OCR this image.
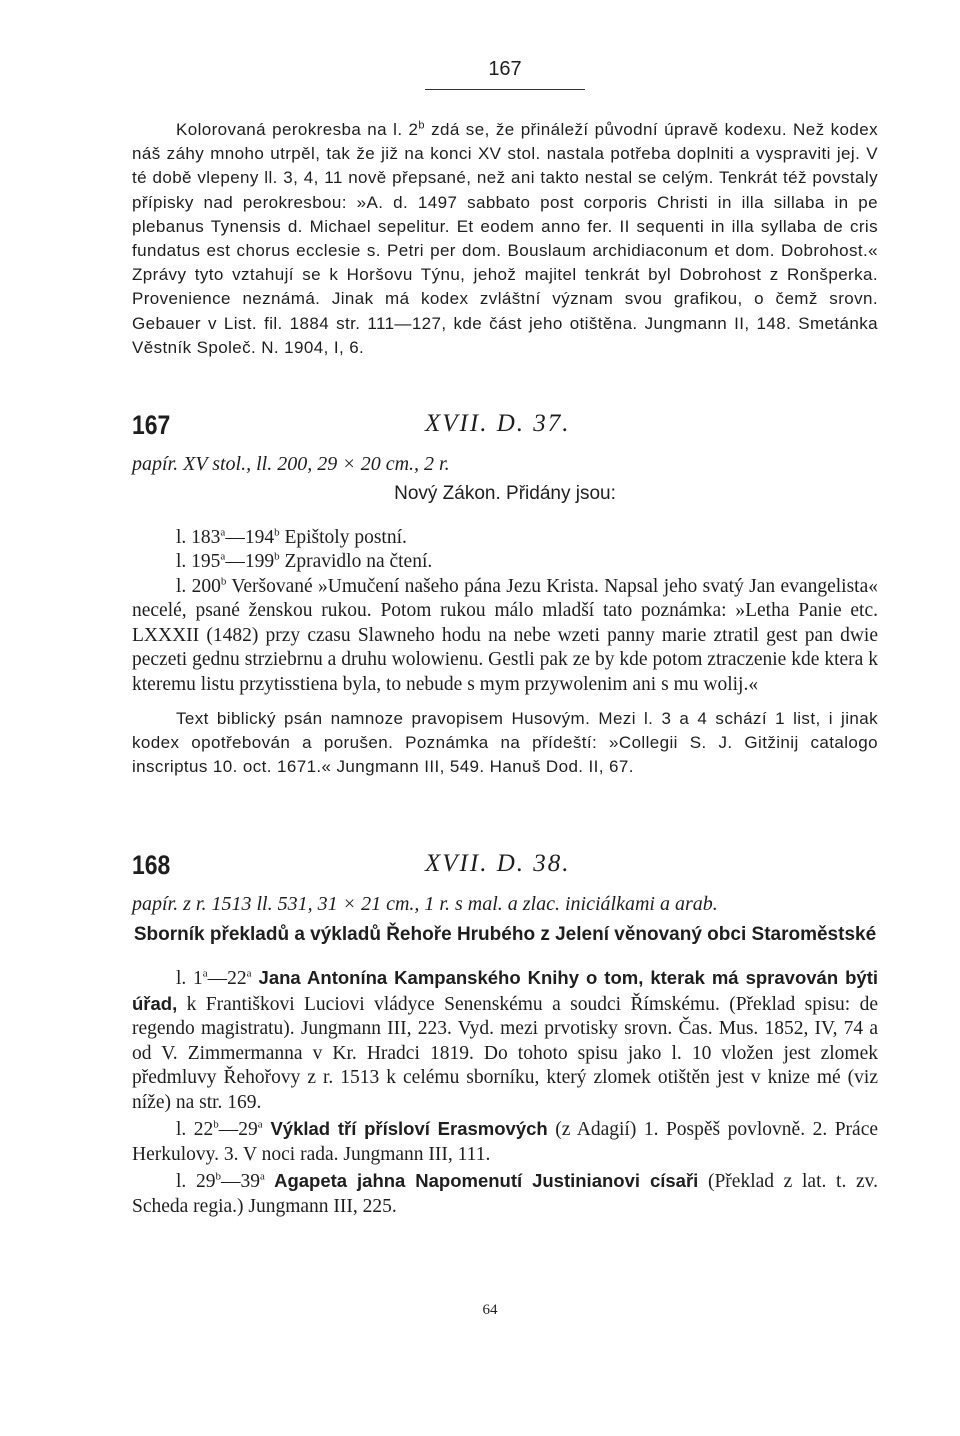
167

Kolorovaná perokresba na l. 2$^b$ zdá se, že přináleží původní úpravě kodexu. Než kodex náš záhy mnoho utrpěl, tak že již na konci XV stol. nastala potřeba doplniti a vyspraviti jej. V té době vlepeny ll. 3, 4, 11 nově přepsané, než ani takto nestal se celým. Tenkrát též povstaly přípisky nad perokresbou: »A. d. 1497 sabbato post corporis Christi in illa sillaba in pe plebanus Tynensis d. Michael sepelitur. Et eodem anno fer. II sequenti in illa syllaba de cris fundatus est chorus ecclesie s. Petri per dom. Bouslaum archidiaconum et dom. Dobrohost.« Zprávy tyto vztahují se k Horšovu Týnu, jehož majitel tenkrát byl Dobrohost z Ronšperka. Provenience neznámá. Jinak má kodex zvláštní význam svou grafikou, o čemž srovn. Gebauer v List. fil. 1884 str. 111—127, kde část jeho otištěna. Jungmann II, 148. Smetánka Věstník Společ. N. 1904, I, 6.

167	XVII. D. 37.

papír. XV stol., ll. 200, 29 × 20 cm., 2 r.

Nový Zákon. Přidány jsou:

l. 183$^a$—194$^b$ Epištoly postní.

l. 195$^a$—199$^b$ Zpravidlo na čtení.

l. 200$^b$ Veršované »Umučení našeho pána Jezu Krista. Napsal jeho svatý Jan evangelista« necelé, psané ženskou rukou. Potom rukou málo mladší tato poznámka: »Letha Panie etc. LXXXII (1482) przy czasu Slawneho hodu na nebe wzeti panny marie ztratil gest pan dwie peczeti gednu strziebrnu a druhu wolowienu. Gestli pak ze by kde potom ztraczenie kde ktera k kteremu listu przytisstiena byla, to nebude s mym przywolenim ani s mu wolij.«

Text biblický psán namnoze pravopisem Husovým. Mezi l. 3 a 4 schází 1 list, i jinak kodex opotřebován a porušen. Poznámka na přídeští: »Collegii S. J. Gitžinij catalogo inscriptus 10. oct. 1671.« Jungmann III, 549. Hanuš Dod. II, 67.

168	XVII. D. 38.

papír. z r. 1513 ll. 531, 31 × 21 cm., 1 r. s mal. a zlac. iniciálkami a arab.

Sborník překladů a výkladů Řehoře Hrubého z Jelení věnovaný obci Staroměstské

l. 1$^a$—22$^a$ Jana Antonína Kampanského Knihy o tom, kterak má spravován býti úřad, k Františkovi Luciovi vládyce Senenskému a soudci Římskému. (Překlad spisu: de regendo magistratu). Jungmann III, 223. Vyd. mezi prvotisky srovn. Čas. Mus. 1852, IV, 74 a od V. Zimmermanna v Kr. Hradci 1819. Do tohoto spisu jako l. 10 vložen jest zlomek předmluvy Řehořovy z r. 1513 k celému sborníku, který zlomek otištěn jest v knize mé (viz níže) na str. 169.

l. 22$^b$—29$^a$ Výklad tří přísloví Erasmových (z Adagií) 1. Pospěš povlovně. 2. Práce Herkulovy. 3. V noci rada. Jungmann III, 111.

l. 29$^b$—39$^a$ Agapeta jahna Napomenutí Justinianovi císaři (Překlad z lat. t. zv. Scheda regia.) Jungmann III, 225.

64
